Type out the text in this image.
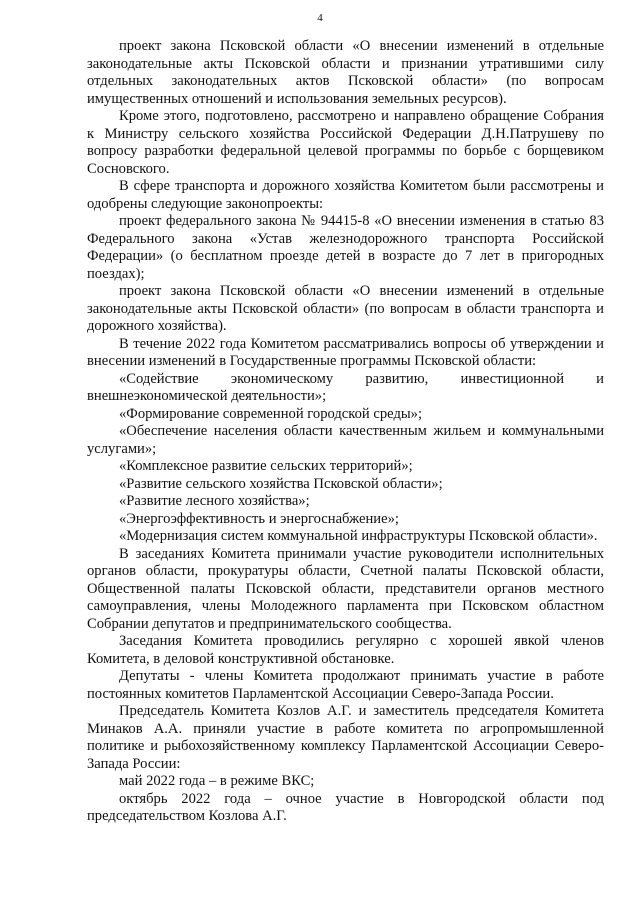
4

проект закона Псковской области «О внесении изменений в отдельные законодательные акты Псковской области и признании утратившими силу отдельных законодательных актов Псковской области» (по вопросам имущественных отношений и использования земельных ресурсов).

Кроме этого, подготовлено, рассмотрено и направлено обращение Собрания к Министру сельского хозяйства Российской Федерации Д.Н.Патрушеву по вопросу разработки федеральной целевой программы по борьбе с борщевиком Сосновского.

В сфере транспорта и дорожного хозяйства Комитетом были рассмотрены и одобрены следующие законопроекты:

проект федерального закона № 94415-8 «О внесении изменения в статью 83 Федерального закона «Устав железнодорожного транспорта Российской Федерации» (о бесплатном проезде детей в возрасте до 7 лет в пригородных поездах);

проект закона Псковской области «О внесении изменений в отдельные законодательные акты Псковской области» (по вопросам в области транспорта и дорожного хозяйства).

В течение 2022 года Комитетом рассматривались вопросы об утверждении и внесении изменений в Государственные программы Псковской области:

«Содействие экономическому развитию, инвестиционной и внешнеэкономической деятельности»;

«Формирование современной городской среды»;

«Обеспечение населения области качественным жильем и коммунальными услугами»;

«Комплексное развитие сельских территорий»;

«Развитие сельского хозяйства Псковской области»;

«Развитие лесного хозяйства»;

«Энергоэффективность и энергоснабжение»;

«Модернизация систем коммунальной инфраструктуры Псковской области».

В заседаниях Комитета принимали участие руководители исполнительных органов области, прокуратуры области, Счетной палаты Псковской области, Общественной палаты Псковской области, представители органов местного самоуправления, члены Молодежного парламента при Псковском областном Собрании депутатов и предпринимательского сообщества.

Заседания Комитета проводились регулярно с хорошей явкой членов Комитета, в деловой конструктивной обстановке.

Депутаты - члены Комитета продолжают принимать участие в работе постоянных комитетов Парламентской Ассоциации Северо-Запада России.

Председатель Комитета Козлов А.Г. и заместитель председателя Комитета Минаков А.А. приняли участие в работе комитета по агропромышленной политике и рыбохозяйственному комплексу Парламентской Ассоциации Северо-Запада России:

май 2022 года – в режиме ВКС;

октябрь 2022 года – очное участие в Новгородской области под председательством Козлова А.Г.
